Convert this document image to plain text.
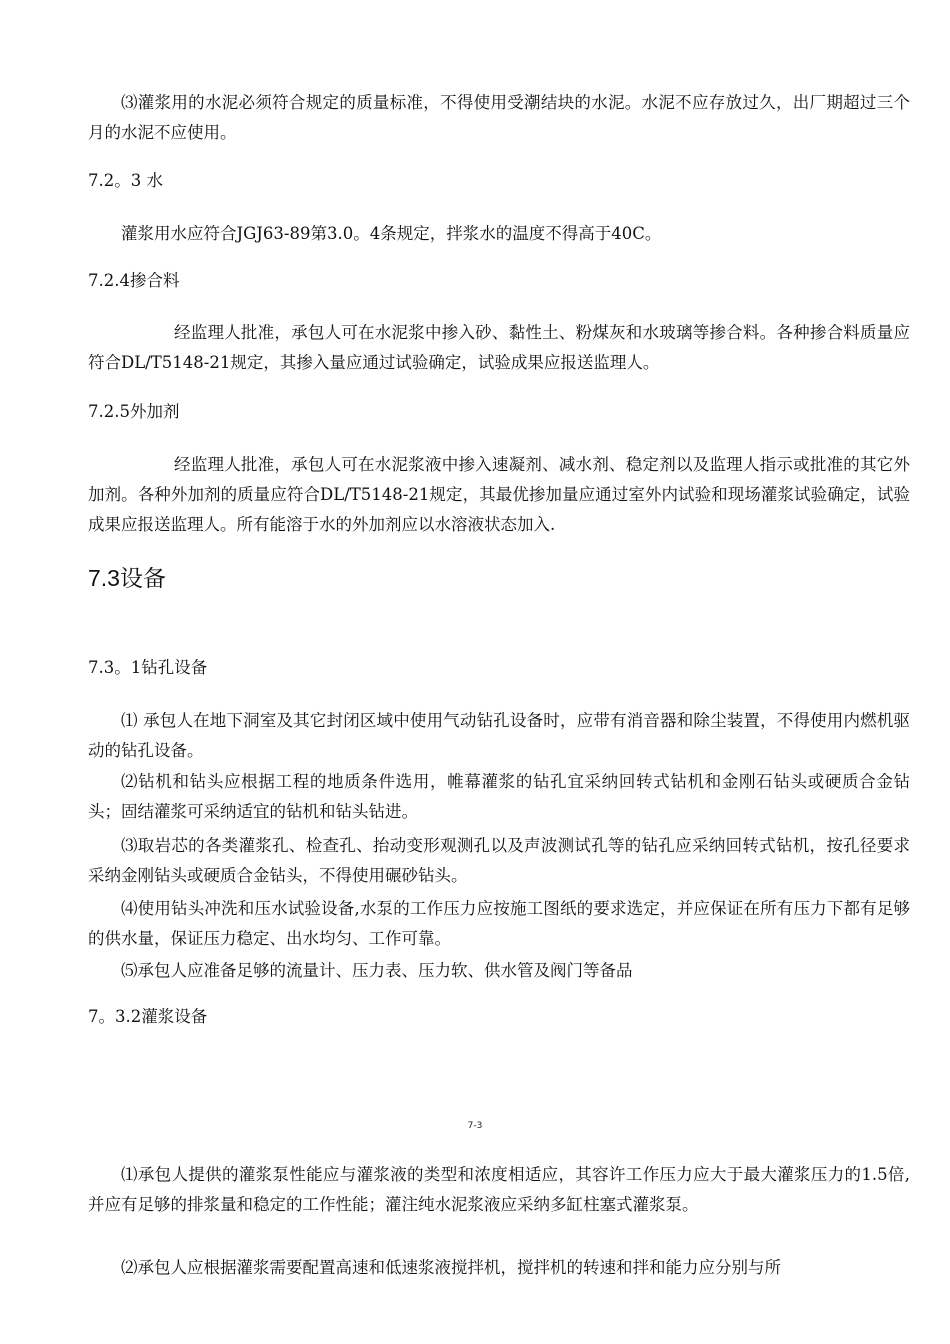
⑶灌浆用的水泥必须符合规定的质量标准，不得使用受潮结块的水泥。水泥不应存放过久，出厂期超过三个月的水泥不应使用。

7.2。3 水

灌浆用水应符合JGJ63-89第3.0。4条规定，拌浆水的温度不得高于40C。

7.2.4掺合料

经监理人批准，承包人可在水泥浆中掺入砂、黏性土、粉煤灰和水玻璃等掺合料。各种掺合料质量应符合DL/T5148-21规定，其掺入量应通过试验确定，试验成果应报送监理人。

7.2.5外加剂

经监理人批准，承包人可在水泥浆液中掺入速凝剂、减水剂、稳定剂以及监理人指示或批准的其它外加剂。各种外加剂的质量应符合DL/T5148-21规定，其最优掺加量应通过室外内试验和现场灌浆试验确定，试验成果应报送监理人。所有能溶于水的外加剂应以水溶液状态加入.

7.3设备

7.3。1钻孔设备

⑴ 承包人在地下洞室及其它封闭区域中使用气动钻孔设备时，应带有消音器和除尘装置，不得使用内燃机驱动的钻孔设备。

⑵钻机和钻头应根据工程的地质条件选用，帷幕灌浆的钻孔宜采纳回转式钻机和金刚石钻头或硬质合金钻头；固结灌浆可采纳适宜的钻机和钻头钻进。

⑶取岩芯的各类灌浆孔、检查孔、抬动变形观测孔以及声波测试孔等的钻孔应采纳回转式钻机，按孔径要求采纳金刚钻头或硬质合金钻头，不得使用碾砂钻头。

⑷使用钻头冲洗和压水试验设备,水泵的工作压力应按施工图纸的要求选定，并应保证在所有压力下都有足够的供水量，保证压力稳定、出水均匀、工作可靠。

⑸承包人应准备足够的流量计、压力表、压力软、供水管及阀门等备品

7。3.2灌浆设备

7-3

⑴承包人提供的灌浆泵性能应与灌浆液的类型和浓度相适应，其容许工作压力应大于最大灌浆压力的1.5倍,并应有足够的排浆量和稳定的工作性能；灌注纯水泥浆液应采纳多缸柱塞式灌浆泵。

⑵承包人应根据灌浆需要配置高速和低速浆液搅拌机，搅拌机的转速和拌和能力应分别与所
